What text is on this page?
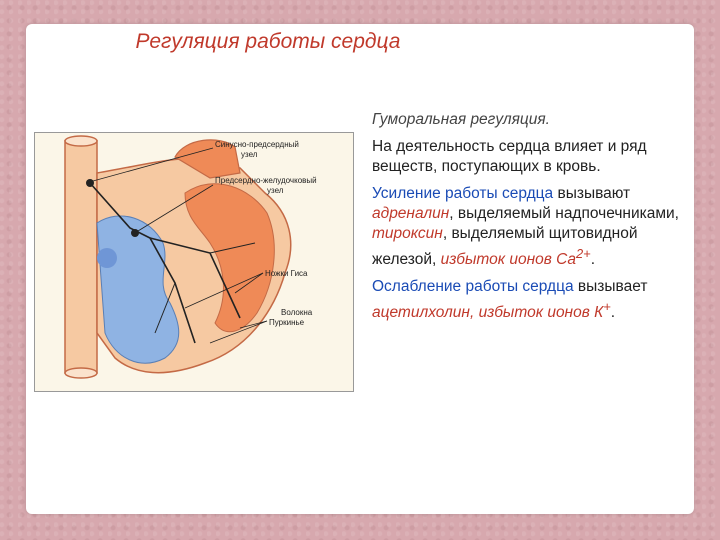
Регуляция работы сердца
Синусно-предсердный
узел
Предсердно-желудочковый
узел
Ножки Гиса
Волокна
Пуркинье

Гуморальная регуляция.

На деятельность сердца влияет и ряд веществ, поступающих в кровь.

Усиление работы сердца вызывают адреналин, выделяемый надпочечниками, тироксин, выделяемый щитовидной железой, избыток ионов $Ca^{2+}$.

Ослабление работы сердца вызывает ацетилхолин, избыток ионов К+.
